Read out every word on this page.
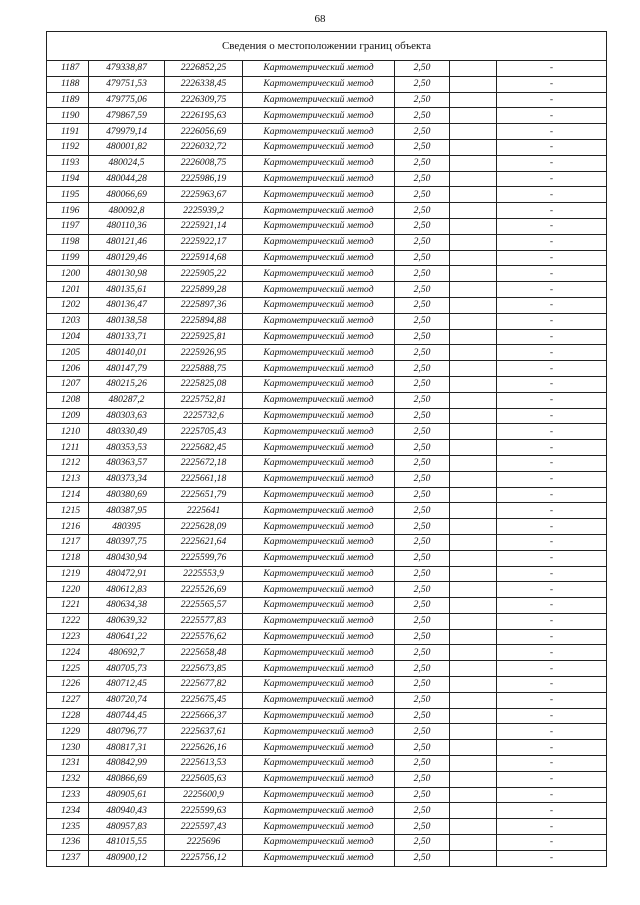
68
Сведения о местоположении границ объекта						
1187	479338,87	2226852,25	Картометрический метод	2,50		-
1188	479751,53	2226338,45	Картометрический метод	2,50		-
1189	479775,06	2226309,75	Картометрический метод	2,50		-
1190	479867,59	2226195,63	Картометрический метод	2,50		-
1191	479979,14	2226056,69	Картометрический метод	2,50		-
1192	480001,82	2226032,72	Картометрический метод	2,50		-
1193	480024,5	2226008,75	Картометрический метод	2,50		-
1194	480044,28	2225986,19	Картометрический метод	2,50		-
1195	480066,69	2225963,67	Картометрический метод	2,50		-
1196	480092,8	2225939,2	Картометрический метод	2,50		-
1197	480110,36	2225921,14	Картометрический метод	2,50		-
1198	480121,46	2225922,17	Картометрический метод	2,50		-
1199	480129,46	2225914,68	Картометрический метод	2,50		-
1200	480130,98	2225905,22	Картометрический метод	2,50		-
1201	480135,61	2225899,28	Картометрический метод	2,50		-
1202	480136,47	2225897,36	Картометрический метод	2,50		-
1203	480138,58	2225894,88	Картометрический метод	2,50		-
1204	480133,71	2225925,81	Картометрический метод	2,50		-
1205	480140,01	2225926,95	Картометрический метод	2,50		-
1206	480147,79	2225888,75	Картометрический метод	2,50		-
1207	480215,26	2225825,08	Картометрический метод	2,50		-
1208	480287,2	2225752,81	Картометрический метод	2,50		-
1209	480303,63	2225732,6	Картометрический метод	2,50		-
1210	480330,49	2225705,43	Картометрический метод	2,50		-
1211	480353,53	2225682,45	Картометрический метод	2,50		-
1212	480363,57	2225672,18	Картометрический метод	2,50		-
1213	480373,34	2225661,18	Картометрический метод	2,50		-
1214	480380,69	2225651,79	Картометрический метод	2,50		-
1215	480387,95	2225641	Картометрический метод	2,50		-
1216	480395	2225628,09	Картометрический метод	2,50		-
1217	480397,75	2225621,64	Картометрический метод	2,50		-
1218	480430,94	2225599,76	Картометрический метод	2,50		-
1219	480472,91	2225553,9	Картометрический метод	2,50		-
1220	480612,83	2225526,69	Картометрический метод	2,50		-
1221	480634,38	2225565,57	Картометрический метод	2,50		-
1222	480639,32	2225577,83	Картометрический метод	2,50		-
1223	480641,22	2225576,62	Картометрический метод	2,50		-
1224	480692,7	2225658,48	Картометрический метод	2,50		-
1225	480705,73	2225673,85	Картометрический метод	2,50		-
1226	480712,45	2225677,82	Картометрический метод	2,50		-
1227	480720,74	2225675,45	Картометрический метод	2,50		-
1228	480744,45	2225666,37	Картометрический метод	2,50		-
1229	480796,77	2225637,61	Картометрический метод	2,50		-
1230	480817,31	2225626,16	Картометрический метод	2,50		-
1231	480842,99	2225613,53	Картометрический метод	2,50		-
1232	480866,69	2225605,63	Картометрический метод	2,50		-
1233	480905,61	2225600,9	Картометрический метод	2,50		-
1234	480940,43	2225599,63	Картометрический метод	2,50		-
1235	480957,83	2225597,43	Картометрический метод	2,50		-
1236	481015,55	2225696	Картометрический метод	2,50		-
1237	480900,12	2225756,12	Картометрический метод	2,50		-
